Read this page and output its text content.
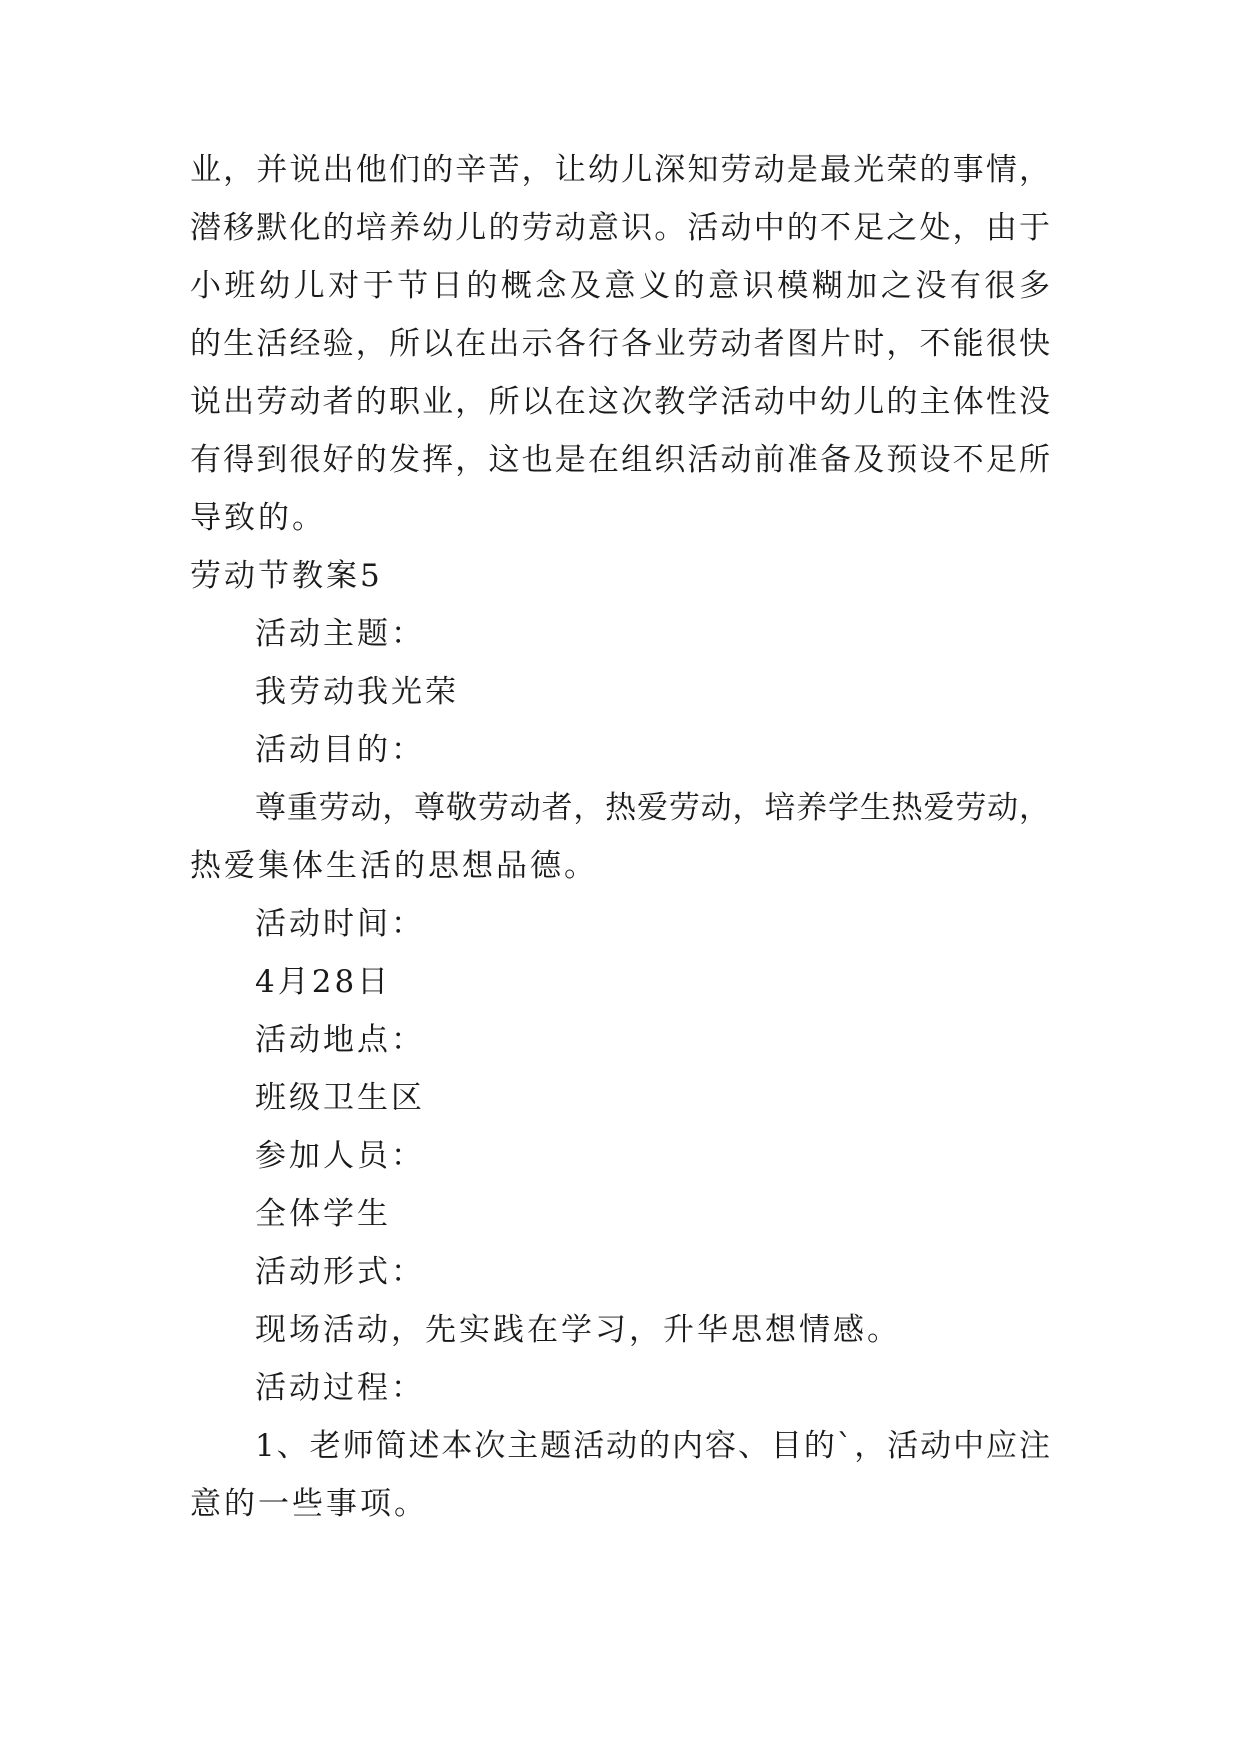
业，并说出他们的辛苦，让幼儿深知劳动是最光荣的事情，
潜移默化的培养幼儿的劳动意识。活动中的不足之处，由于
小班幼儿对于节日的概念及意义的意识模糊加之没有很多
的生活经验，所以在出示各行各业劳动者图片时，不能很快
说出劳动者的职业，所以在这次教学活动中幼儿的主体性没
有得到很好的发挥，这也是在组织活动前准备及预设不足所
导致的。
劳动节教案5
活动主题：
我劳动我光荣
活动目的：
尊重劳动，尊敬劳动者，热爱劳动，培养学生热爱劳动，
热爱集体生活的思想品德。
活动时间：
4月28日
活动地点：
班级卫生区
参加人员：
全体学生
活动形式：
现场活动，先实践在学习，升华思想情感。
活动过程：
1、老师简述本次主题活动的内容、目的`，活动中应注
意的一些事项。
